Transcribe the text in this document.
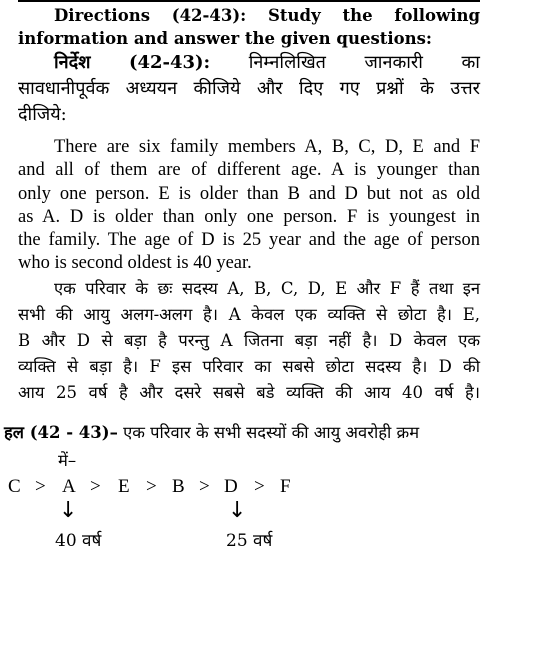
Directions (42-43): Study the following
information and answer the given questions:
निर्देश (42-43): निम्नलिखित जानकारी का
सावधानीपूर्वक अध्ययन कीजिये और दिए गए प्रश्नों के उत्तर
दीजिये:
There are six family members A, B, C, D, E and F
and all of them are of different age. A is younger than
only one person. E is older than B and D but not as old
as A. D is older than only one person. F is youngest in
the family. The age of D is 25 year and the age of person
who is second oldest is 40 year.
एक परिवार के छः सदस्य A, B, C, D, E और F हैं तथा इन
सभी की आयु अलग-अलग है। A केवल एक व्यक्ति से छोटा है। E,
B और D से बड़ा है परन्तु A जितना बड़ा नहीं है। D केवल एक
व्यक्ति से बड़ा है। F इस परिवार का सबसे छोटा सदस्य है। D की
आय 25 वर्ष है और दसरे सबसे बडे व्यक्ति की आय 40 वर्ष है।
हल (42 - 43)– एक परिवार के सभी सदस्यों की आयु अवरोही क्रम
में–
C > A > E > B > D > F
↓	↓
40 वर्ष	25 वर्ष
